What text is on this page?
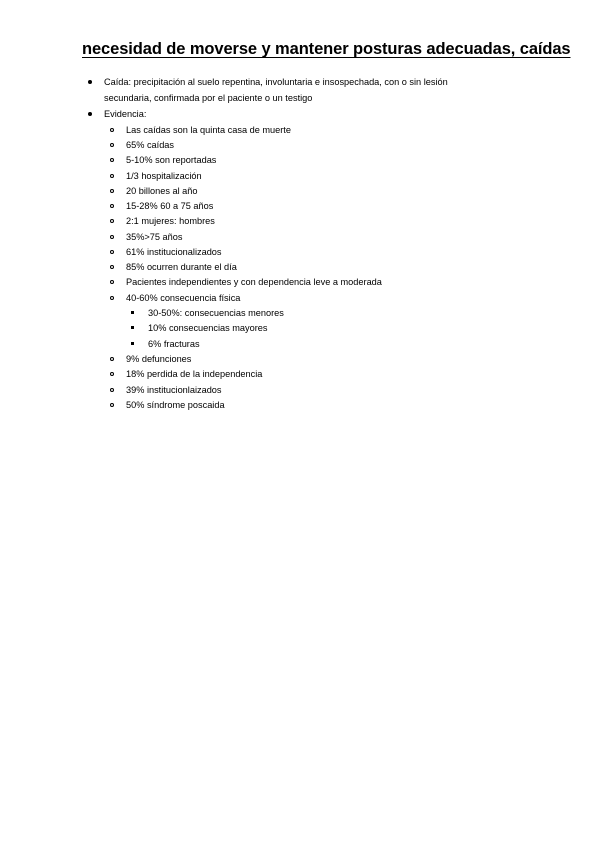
necesidad de moverse y mantener posturas adecuadas, caídas
Caída: precipitación al suelo repentina, involuntaria e insospechada, con o sin lesión
secundaria, confirmada por el paciente o un testigo
Evidencia:
Las caídas son la quinta casa de muerte
65% caídas
5-10% son reportadas
1/3 hospitalización
20 billones al año
15-28% 60 a 75 años
2:1 mujeres: hombres
35%>75 años
61% institucionalizados
85% ocurren durante el día
Pacientes independientes y con dependencia leve a moderada
40-60% consecuencia física
30-50%: consecuencias menores
10% consecuencias mayores
6% fracturas
9% defunciones
18% perdida de la independencia
39% institucionlaizados
50% síndrome poscaida
